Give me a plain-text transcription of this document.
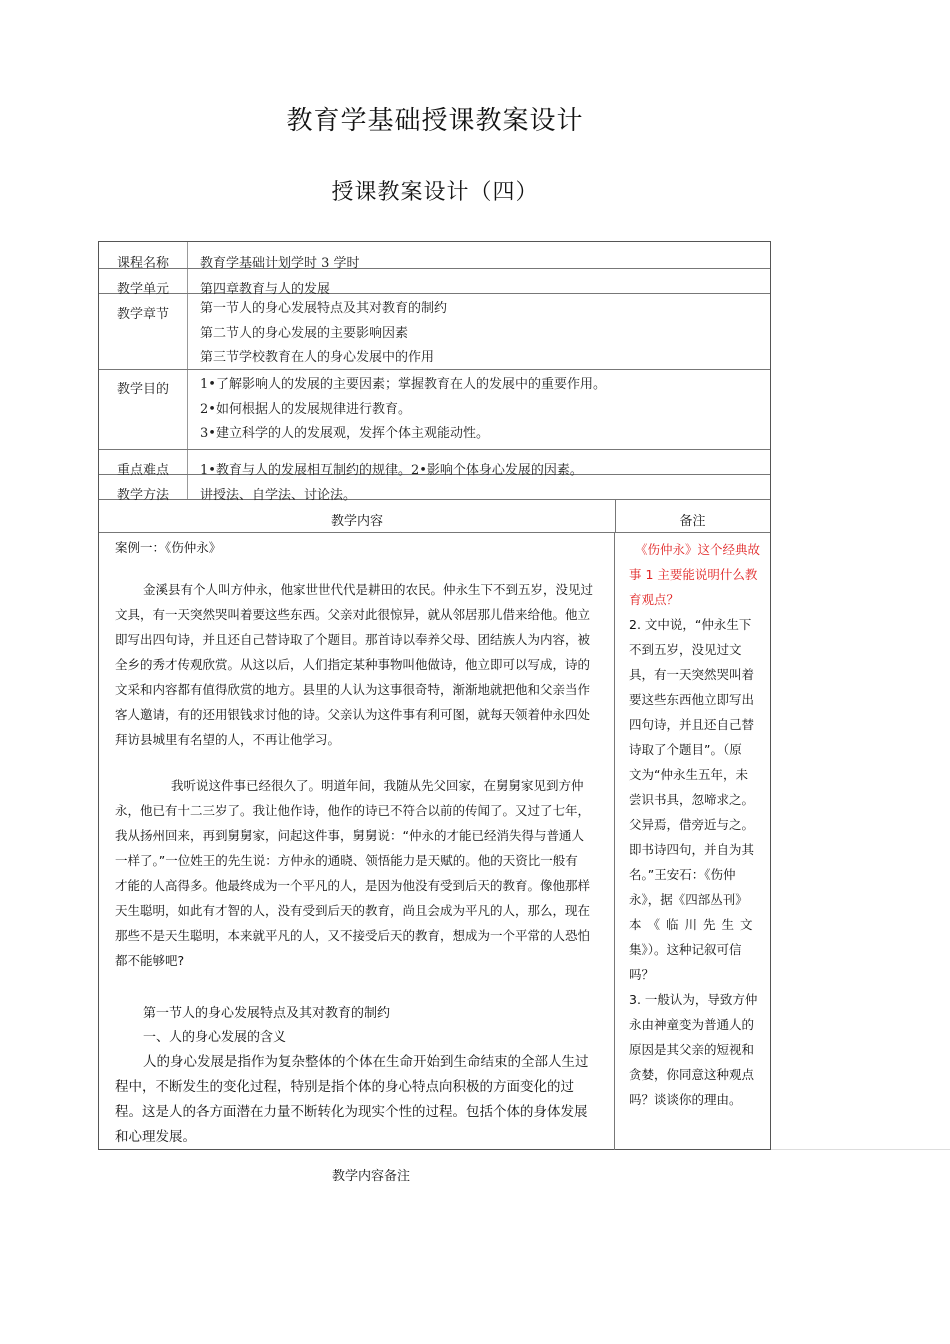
教育学基础授课教案设计
授课教案设计（四）
课程名称	教育学基础计划学时 3 学时
教学单元	第四章教育与人的发展
教学章节	第一节人的身心发展特点及其对教育的制约
第二节人的身心发展的主要影响因素
第三节学校教育在人的身心发展中的作用
教学目的	1•了解影响人的发展的主要因素；掌握教育在人的发展中的重要作用。
2•如何根据人的发展规律进行教育。
3•建立科学的人的发展观，发挥个体主观能动性。
重点难点	1•教育与人的发展相互制约的规律。2•影响个体身心发展的因素。
教学方法	讲授法、自学法、讨论法。
教学内容	备注
案例一：《伤仲永》
金溪县有个人叫方仲永，他家世世代代是耕田的农民。仲永生下不到五岁，没见过
文具，有一天突然哭叫着要这些东西。父亲对此很惊异，就从邻居那儿借来给他。他立
即写出四句诗，并且还自己替诗取了个题目。那首诗以奉养父母、团结族人为内容，被
全乡的秀才传观欣赏。从这以后，人们指定某种事物叫他做诗，他立即可以写成，诗的
文采和内容都有值得欣赏的地方。县里的人认为这事很奇特，渐渐地就把他和父亲当作
客人邀请，有的还用银钱求讨他的诗。父亲认为这件事有利可图，就每天领着仲永四处
拜访县城里有名望的人，不再让他学习。
我听说这件事已经很久了。明道年间，我随从先父回家，在舅舅家见到方仲
永，他已有十二三岁了。我让他作诗，他作的诗已不符合以前的传闻了。又过了七年，
我从扬州回来，再到舅舅家，问起这件事，舅舅说：“仲永的才能已经消失得与普通人
一样了。”一位姓王的先生说：方仲永的通晓、领悟能力是天赋的。他的天资比一般有
才能的人高得多。他最终成为一个平凡的人，是因为他没有受到后天的教育。像他那样
天生聪明，如此有才智的人，没有受到后天的教育，尚且会成为平凡的人，那么，现在
那些不是天生聪明，本来就平凡的人，又不接受后天的教育，想成为一个平常的人恐怕
都不能够吧?
第一节人的身心发展特点及其对教育的制约
一、人的身心发展的含义
人的身心发展是指作为复杂整体的个体在生命开始到生命结束的全部人生过
程中，不断发生的变化过程，特别是指个体的身心特点向积极的方面变化的过
程。这是人的各方面潜在力量不断转化为现实个性的过程。包括个体的身体发展
和心理发展。
《伤仲永》这个经典故
事 1 主要能说明什么教
育观点？
2. 文中说，“仲永生下
不到五岁，没见过文
具，有一天突然哭叫着
要这些东西他立即写出
四句诗，并且还自己替
诗取了个题目”。（原
文为“仲永生五年，未
尝识书具，忽啼求之。
父异焉，借旁近与之。
即书诗四句，并自为其
名。”王安石：《伤仲
永》，据《四部丛刊》
本《临川先生文
集》）。这种记叙可信
吗？
3. 一般认为，导致方仲
永由神童变为普通人的
原因是其父亲的短视和
贪婪，你同意这种观点
吗？谈谈你的理由。
教学内容备注
